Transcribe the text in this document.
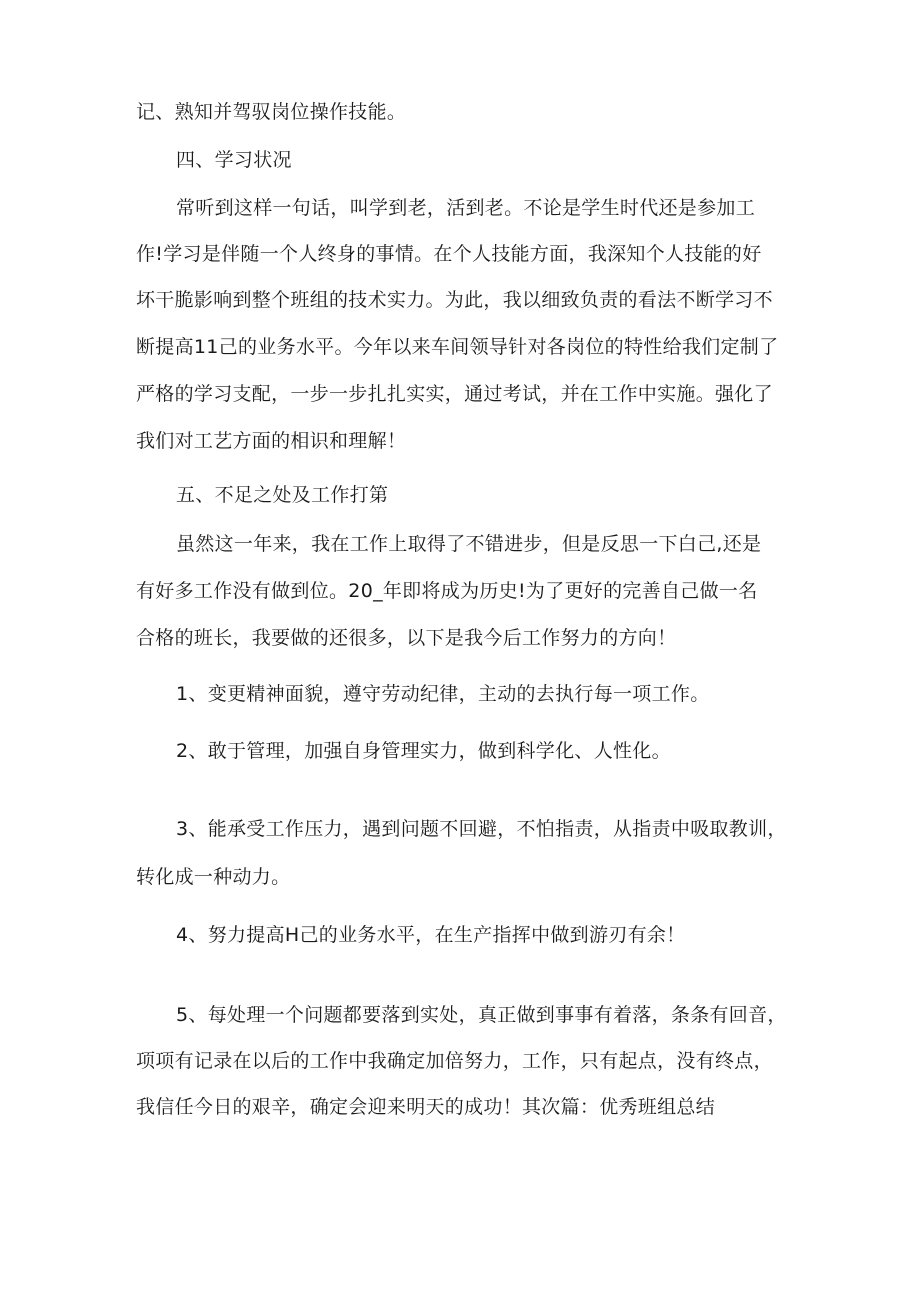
记、熟知并驾驭岗位操作技能。

四、学习状况

常听到这样一句话，叫学到老，活到老。不论是学生时代还是参加工

作!学习是伴随一个人终身的事情。在个人技能方面，我深知个人技能的好

坏干脆影响到整个班组的技术实力。为此，我以细致负责的看法不断学习不

断提高11己的业务水平。今年以来车间领导针对各岗位的特性给我们定制了

严格的学习支配，一步一步扎扎实实，通过考试，并在工作中实施。强化了

我们对工艺方面的相识和理解！

五、不足之处及工作打第

虽然这一年来，我在工作上取得了不错进步，但是反思一下白己,还是

有好多工作没有做到位。20_年即将成为历史!为了更好的完善自己做一名

合格的班长，我要做的还很多，以下是我今后工作努力的方向！

1、变更精神面貌，遵守劳动纪律，主动的去执行每一项工作。

2、敢于管理，加强自身管理实力，做到科学化、人性化。

3、能承受工作压力，遇到问题不回避，不怕指责，从指责中吸取教训，

转化成一种动力。

4、努力提高H己的业务水平，在生产指挥中做到游刃有余！

5、每处理一个问题都要落到实处，真正做到事事有着落，条条有回音，

项项有记录在以后的工作中我确定加倍努力，工作，只有起点，没有终点，

我信任今日的艰辛，确定会迎来明天的成功！其次篇：优秀班组总结
